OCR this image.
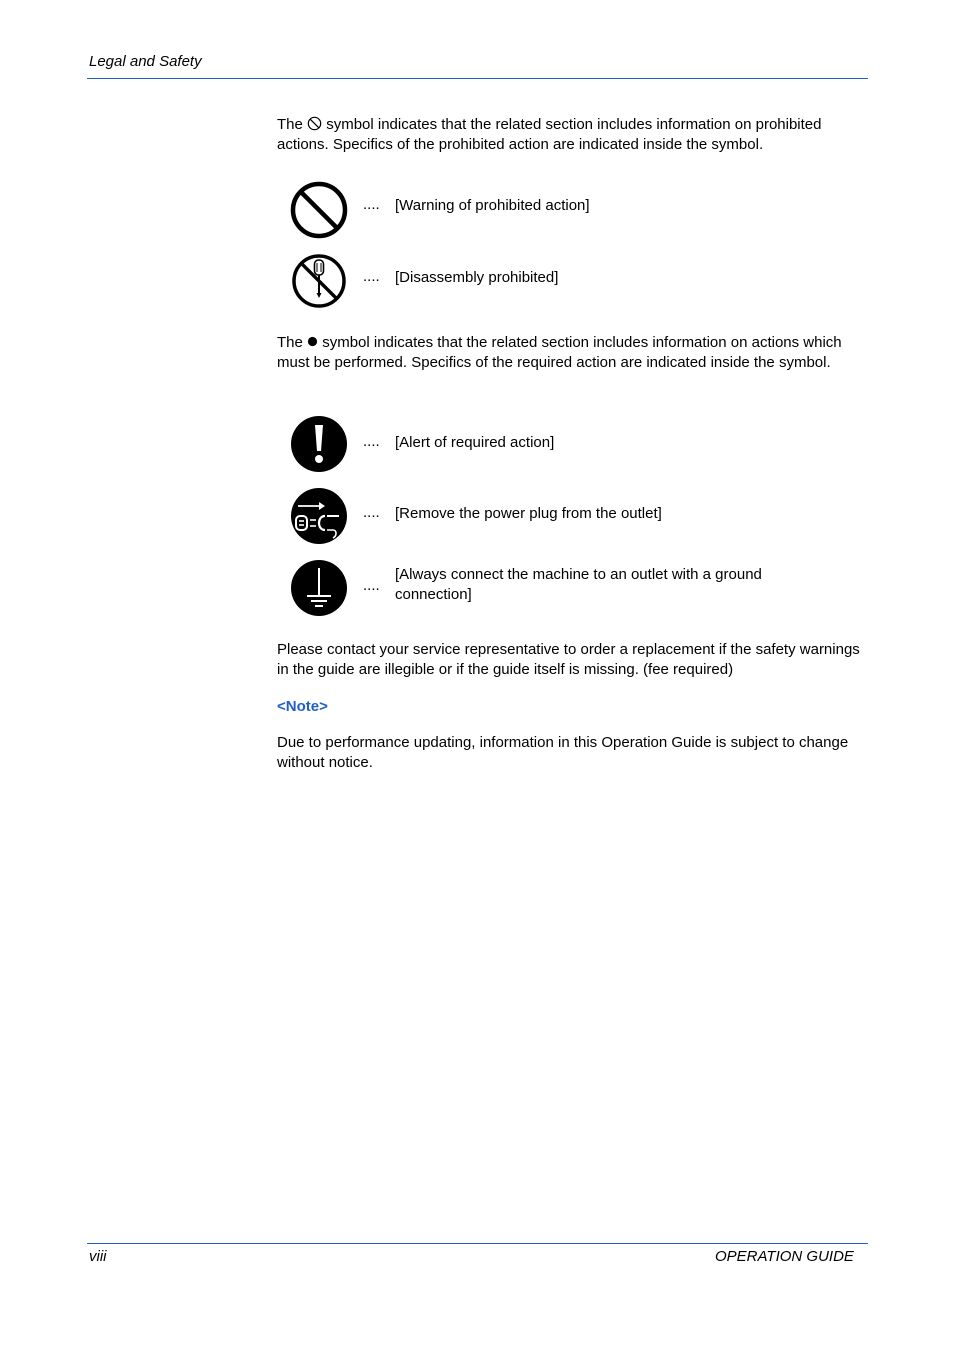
Legal and Safety

The symbol indicates that the related section includes information on prohibited actions. Specifics of the prohibited action are indicated inside the symbol.

.... [Warning of prohibited action]
.... [Disassembly prohibited]

The symbol indicates that the related section includes information on actions which must be performed. Specifics of the required action are indicated inside the symbol.

.... [Alert of required action]
.... [Remove the power plug from the outlet]
....
[Always connect the machine to an outlet with a ground connection]

Please contact your service representative to order a replacement if the safety warnings in the guide are illegible or if the guide itself is missing. (fee required)

<Note>

Due to performance updating, information in this Operation Guide is subject to change without notice.

viii	OPERATION GUIDE
